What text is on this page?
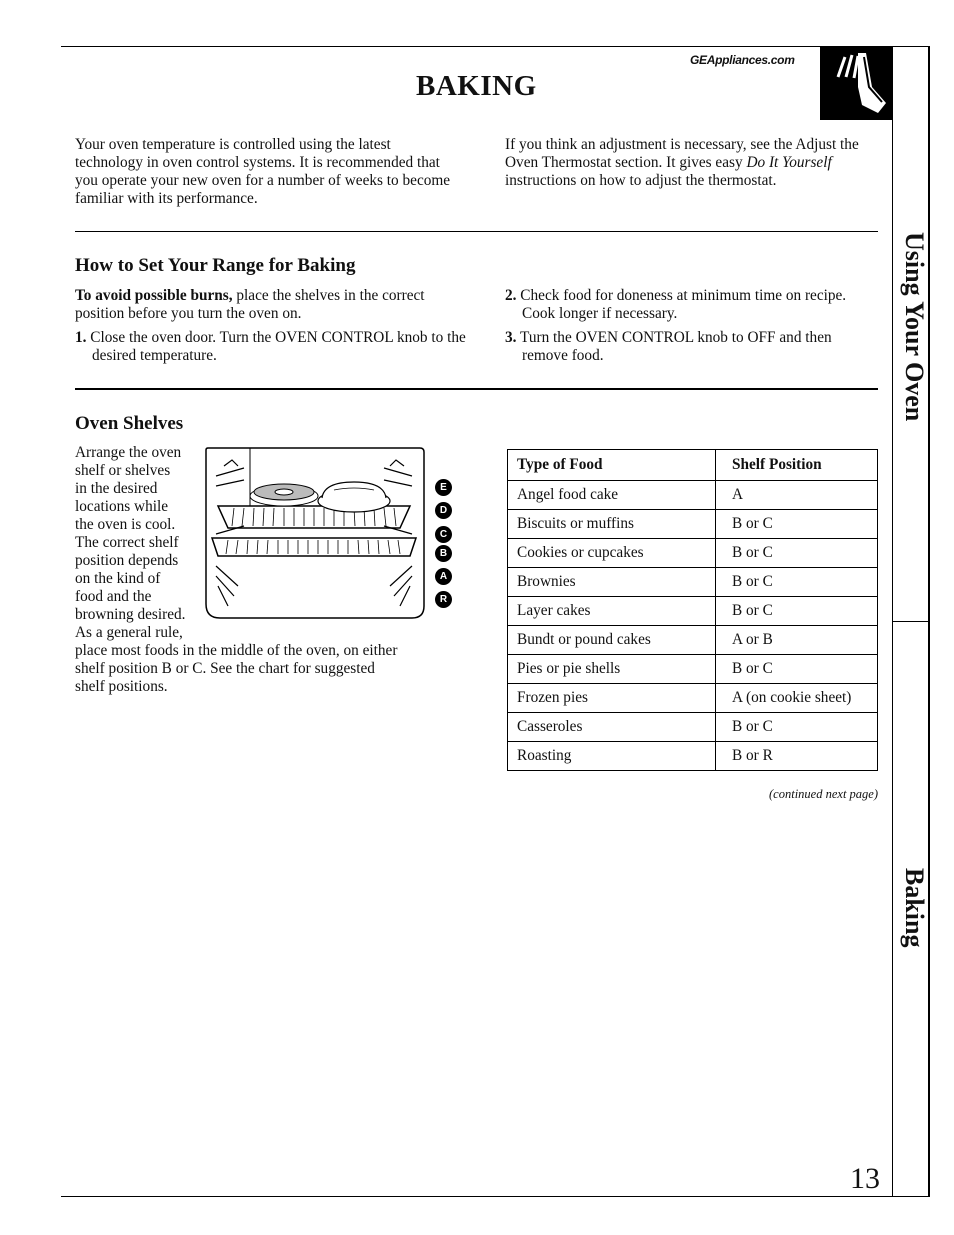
Using Your Oven
Baking
GEAppliances.com
BAKING
Your oven temperature is controlled using the latest technology in oven control systems. It is recommended that you operate your new oven for a number of weeks to become familiar with its performance.
If you think an adjustment is necessary, see the Adjust the Oven Thermostat section. It gives easy Do It Yourself instructions on how to adjust the thermostat.
How to Set Your Range for Baking
To avoid possible burns, place the shelves in the correct position before you turn the oven on.
1. Close the oven door. Turn the OVEN CONTROL knob to the desired temperature.
2. Check food for doneness at minimum time on recipe. Cook longer if necessary.
3. Turn the OVEN CONTROL knob to OFF and then remove food.
Oven Shelves
Arrange the oven
shelf or shelves
in the desired
locations while
the oven is cool.
The correct shelf
position depends
on the kind of
food and the
browning desired.
As a general rule,
place most foods in the middle of the oven, on either shelf position B or C. See the chart for suggested shelf positions.
E
D
C
B
A
R
Type of Food	Shelf Position
Angel food cake	A
Biscuits or muffins	B or C
Cookies or cupcakes	B or C
Brownies	B or C
Layer cakes	B or C
Bundt or pound cakes	A or B
Pies or pie shells	B or C
Frozen pies	A (on cookie sheet)
Casseroles	B or C
Roasting	B or R
(continued next page)
13
